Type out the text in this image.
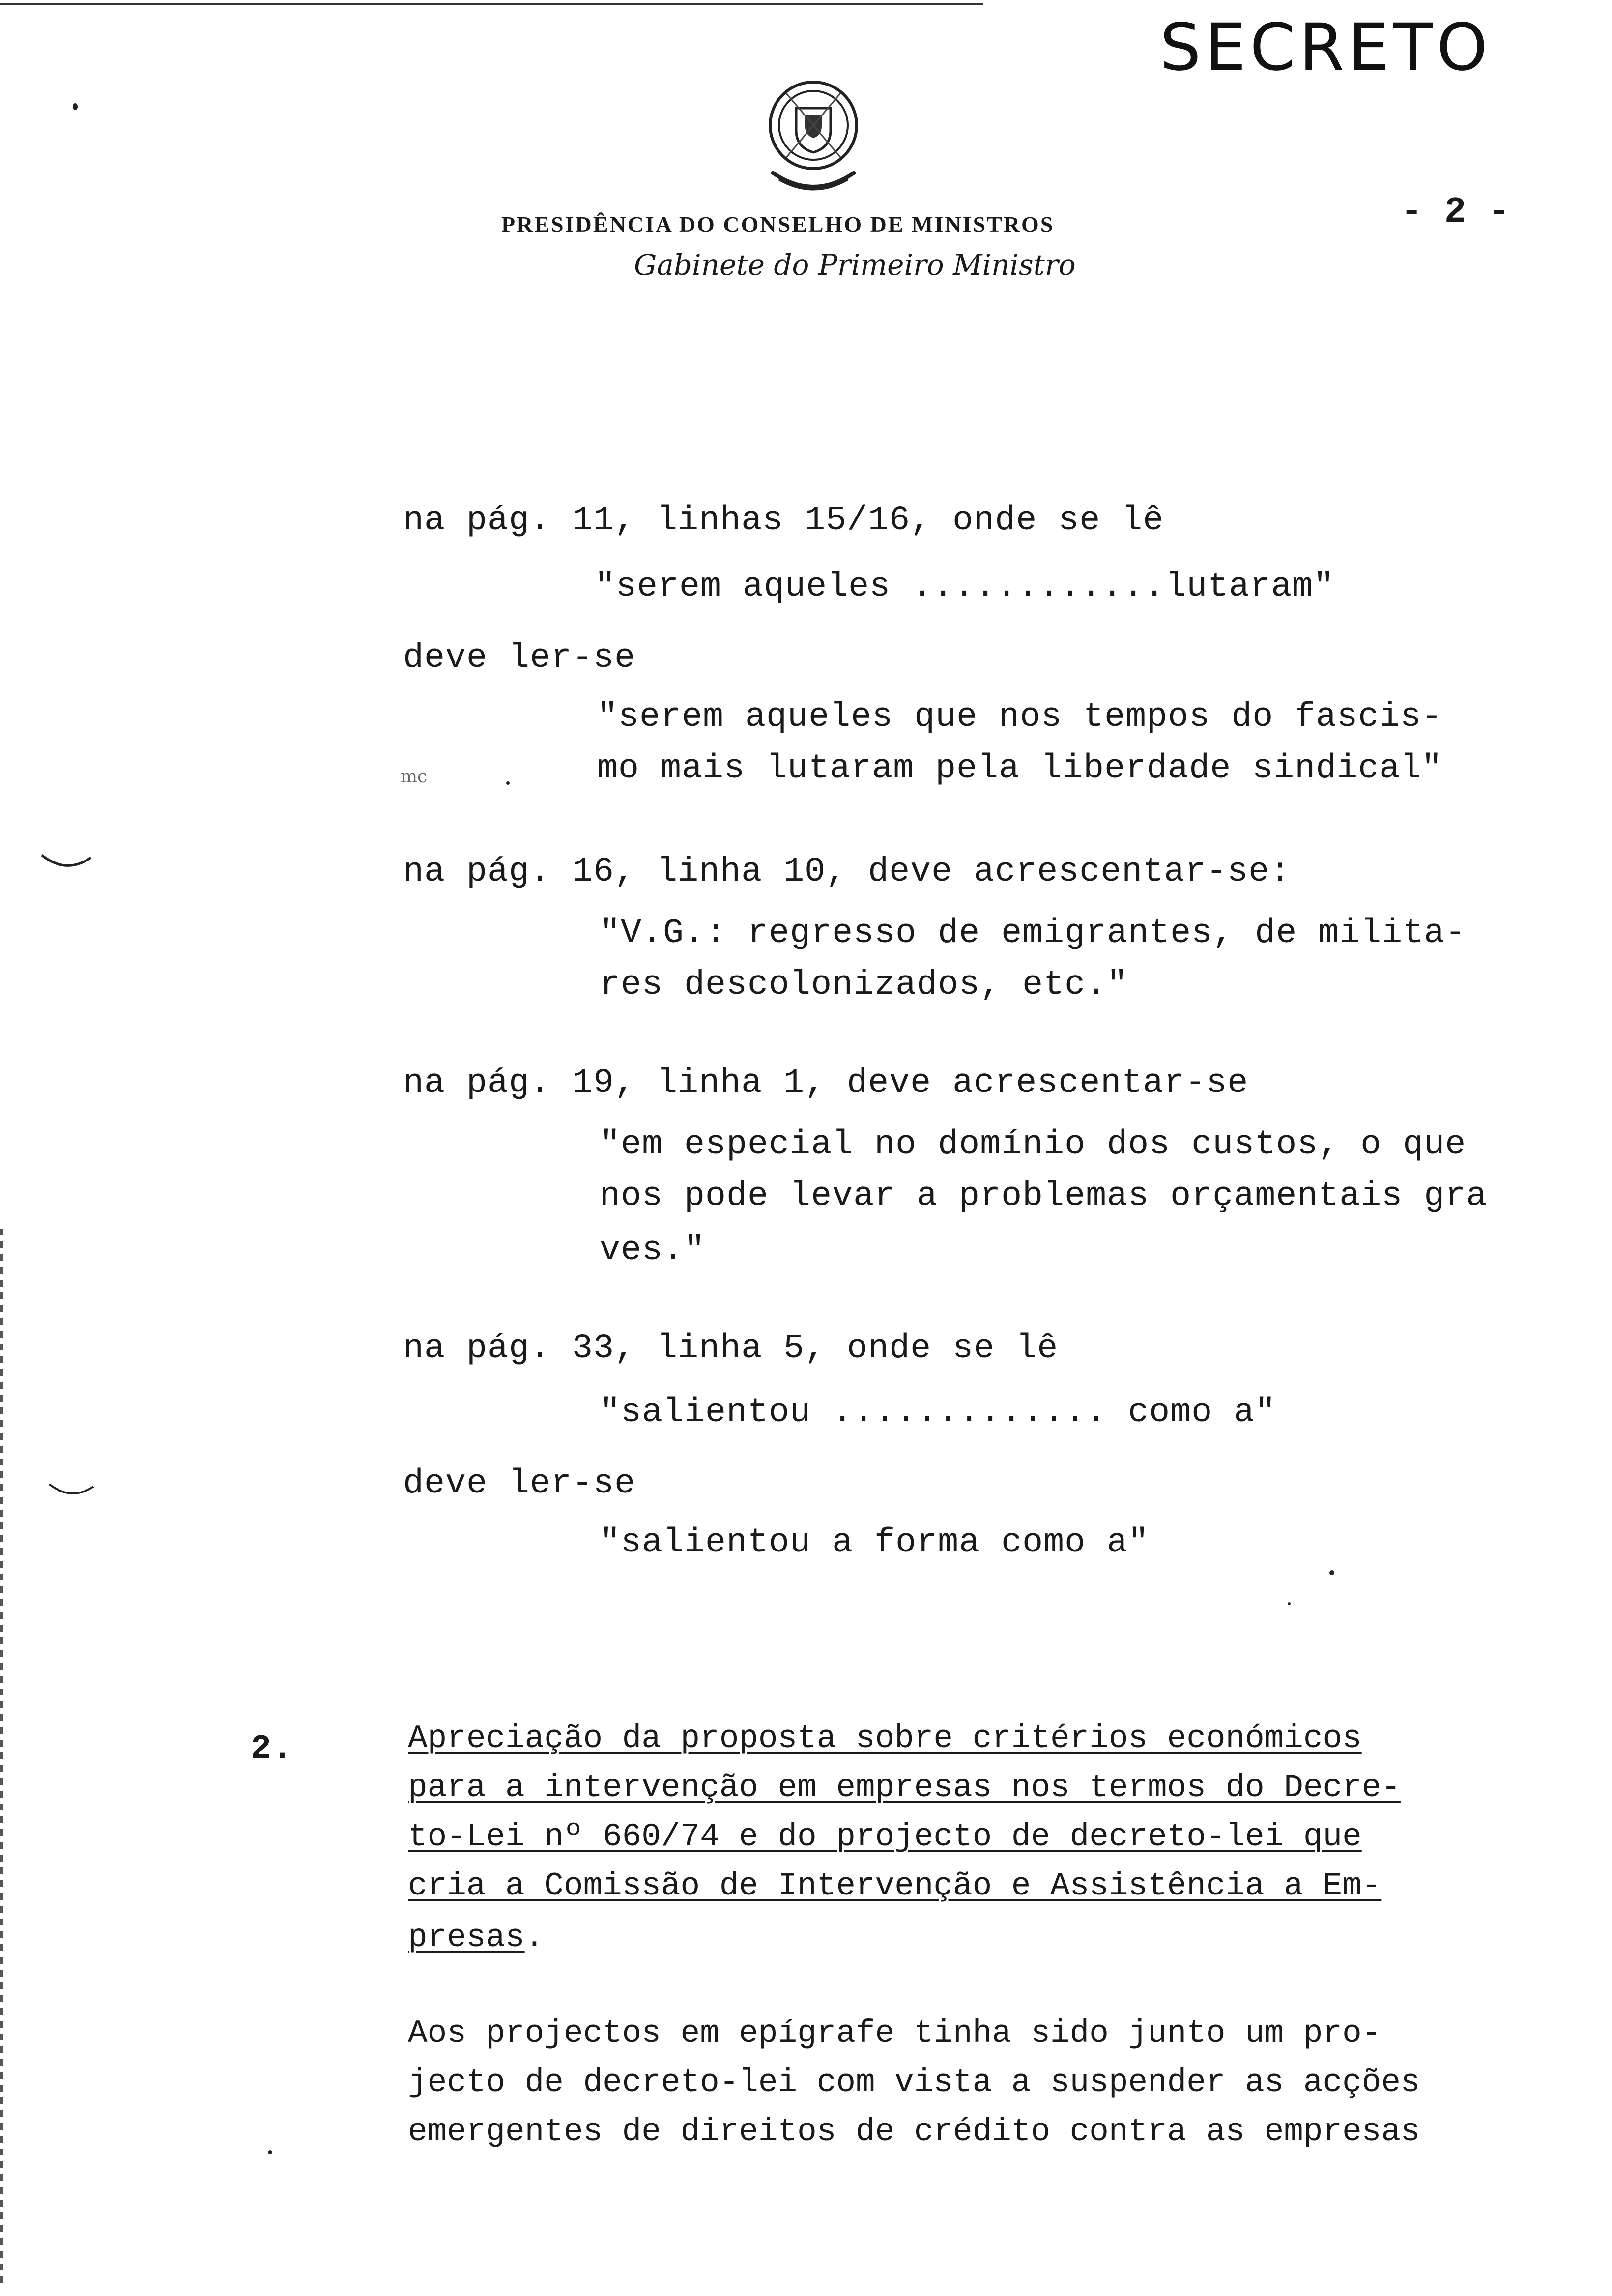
SECRETO
- 2 -
PRESIDÊNCIA DO CONSELHO DE MINISTROS
Gabinete do Primeiro Ministro
na pág. 11, linhas 15/16, onde se lê
"serem aqueles ............lutaram"
deve ler-se
"serem aqueles que nos tempos do fascis-
mo mais lutaram pela liberdade sindical"
mc
na pág. 16, linha 10, deve acrescentar-se:
"V.G.: regresso de emigrantes, de milita-
res descolonizados, etc."
na pág. 19, linha 1, deve acrescentar-se
"em especial no domínio dos custos, o que
nos pode levar a problemas orçamentais gra
ves."
na pág. 33, linha 5, onde se lê
"salientou ............. como a"
deve ler-se
"salientou a forma como a"
2.	Apreciação da proposta sobre critérios económicos
para a intervenção em empresas nos termos do Decre-
to-Lei nº 660/74 e do projecto de decreto-lei que
cria a Comissão de Intervenção e Assistência a Em-
presas.
Aos projectos em epígrafe tinha sido junto um pro-
jecto de decreto-lei com vista a suspender as acções
emergentes de direitos de crédito contra as empresas
